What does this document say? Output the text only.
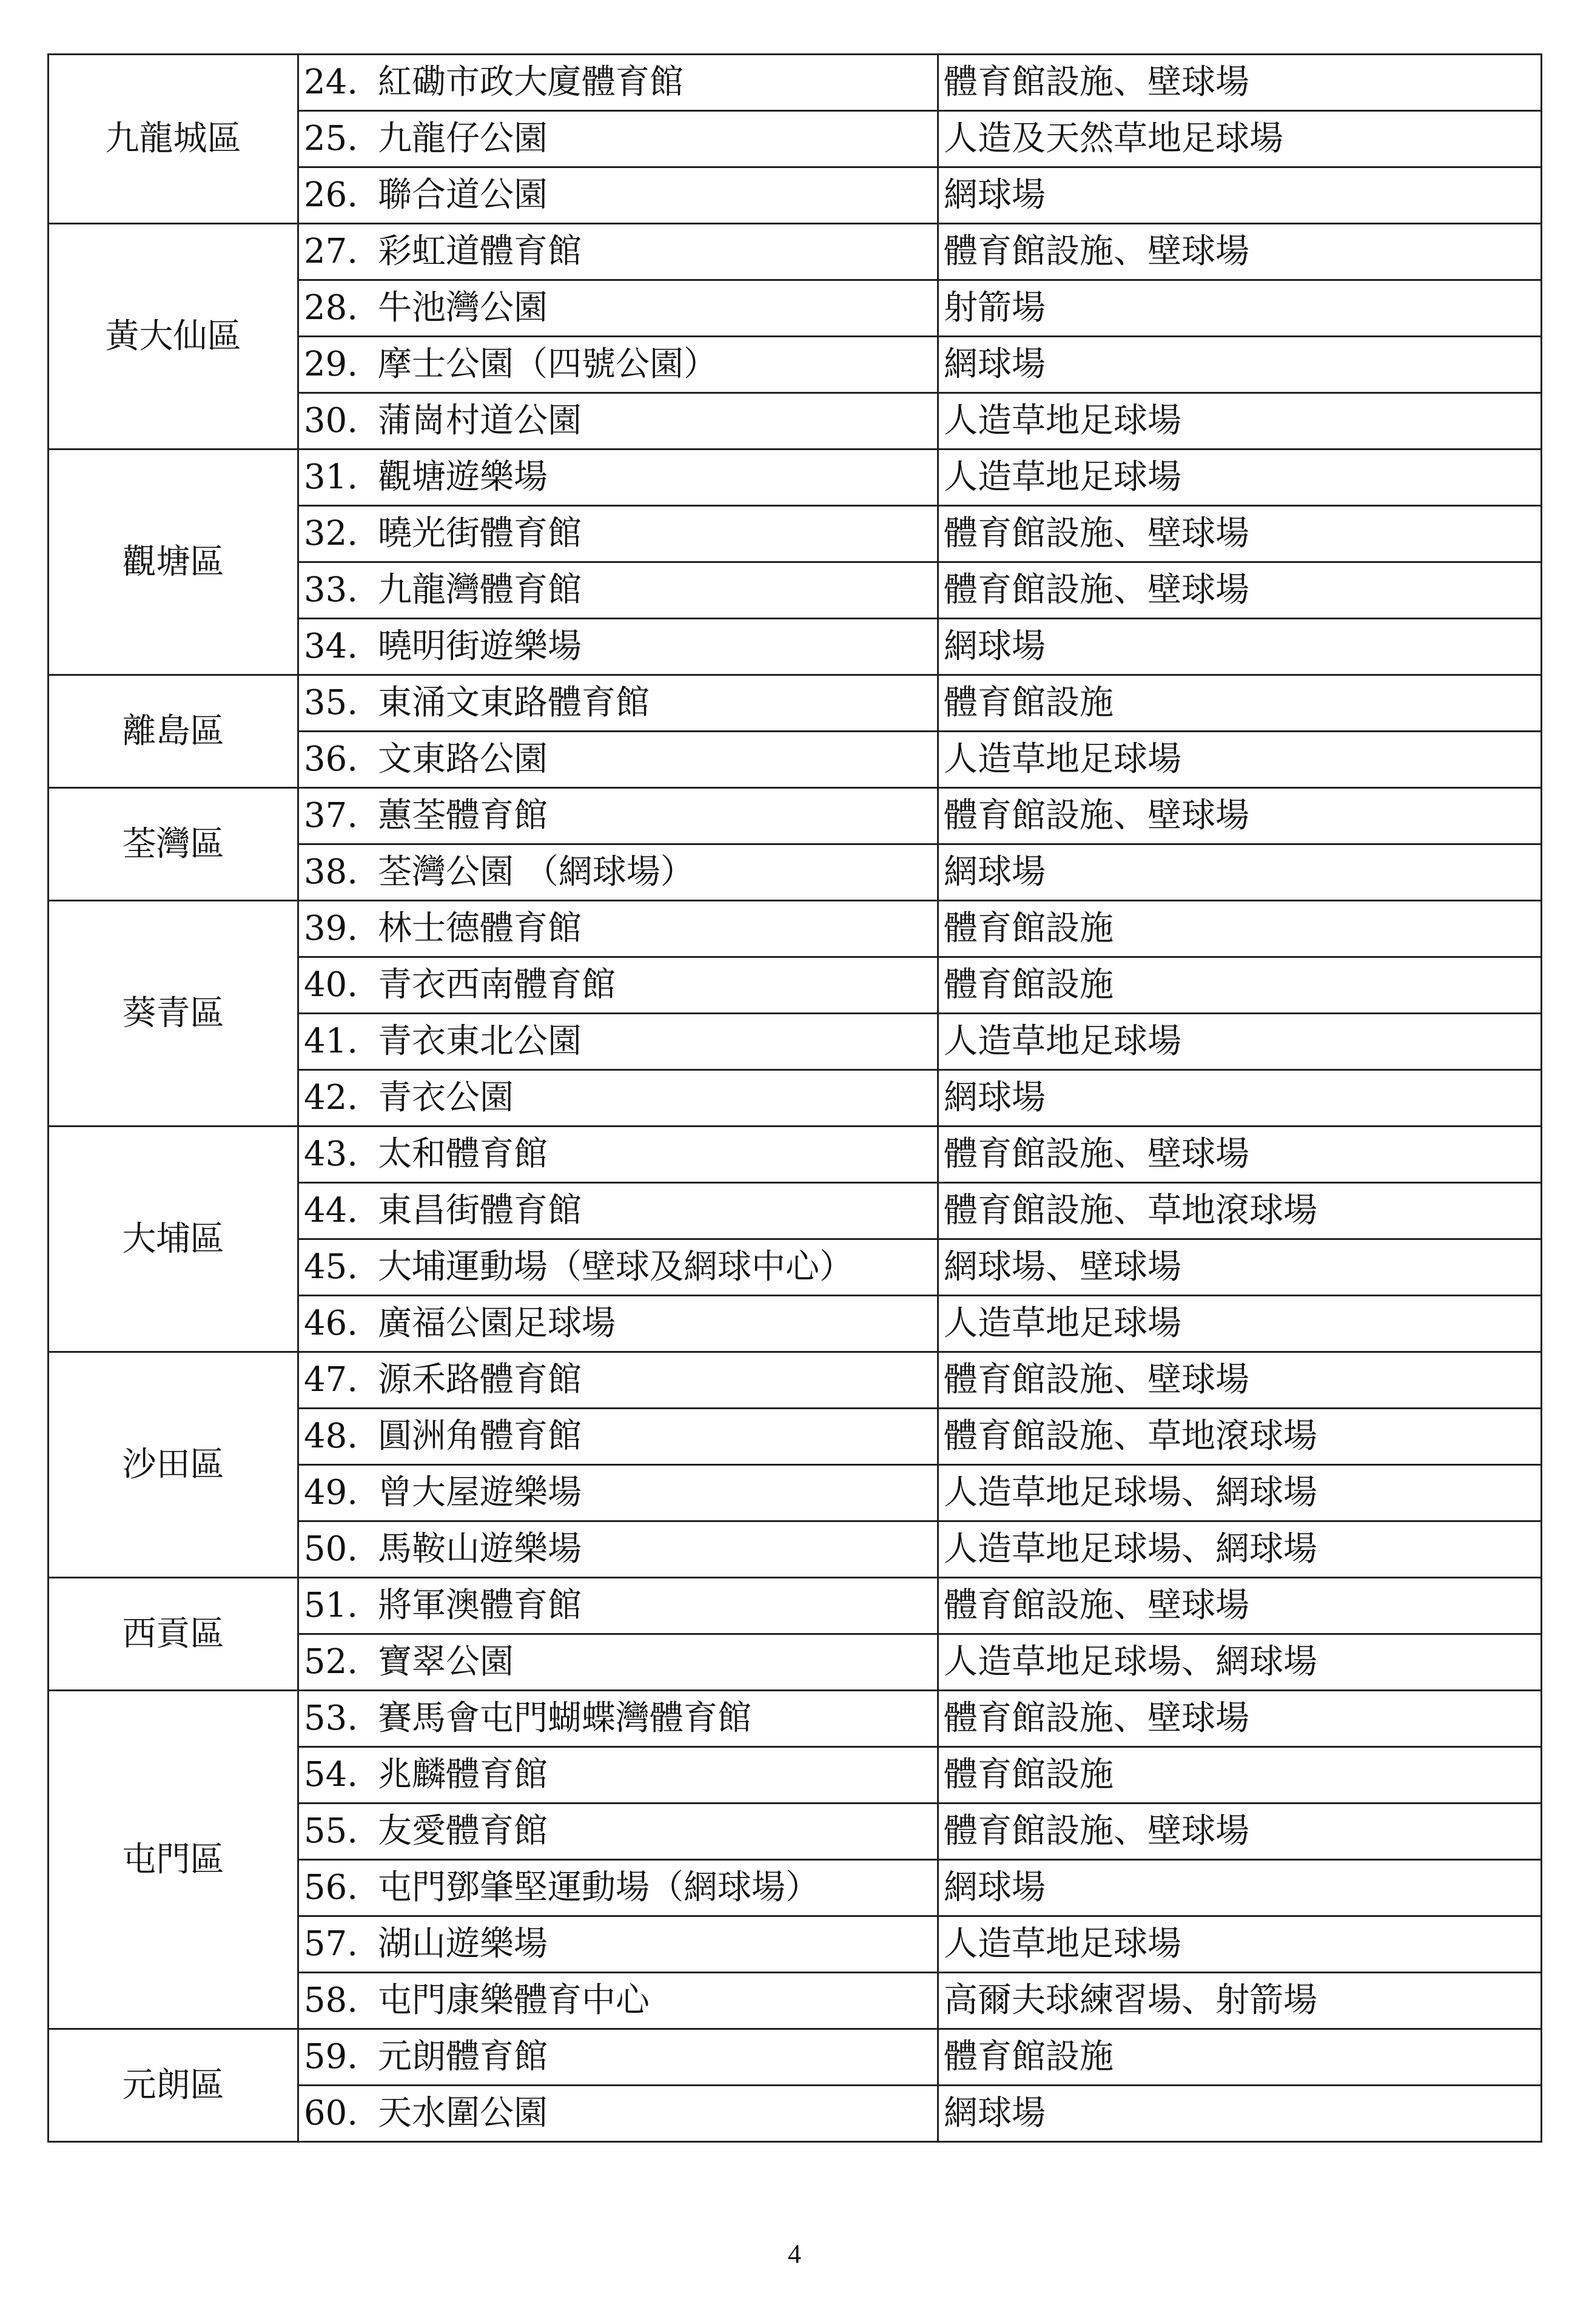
九龍城區	24. 紅磡市政大廈體育館	體育館設施、壁球場
	25. 九龍仔公園	人造及天然草地足球場
	26. 聯合道公園	網球場
黃大仙區	27. 彩虹道體育館	體育館設施、壁球場
	28. 牛池灣公園	射箭場
	29. 摩士公園（四號公園）	網球場
	30. 蒲崗村道公園	人造草地足球場
觀塘區	31. 觀塘遊樂場	人造草地足球場
	32. 曉光街體育館	體育館設施、壁球場
	33. 九龍灣體育館	體育館設施、壁球場
	34. 曉明街遊樂場	網球場
離島區	35. 東涌文東路體育館	體育館設施
	36. 文東路公園	人造草地足球場
荃灣區	37. 蕙荃體育館	體育館設施、壁球場
	38. 荃灣公園 （網球場）	網球場
葵青區	39. 林士德體育館	體育館設施
	40. 青衣西南體育館	體育館設施
	41. 青衣東北公園	人造草地足球場
	42. 青衣公園	網球場
大埔區	43. 太和體育館	體育館設施、壁球場
	44. 東昌街體育館	體育館設施、草地滾球場
	45. 大埔運動場（壁球及網球中心）	網球場、壁球場
	46. 廣福公園足球場	人造草地足球場
沙田區	47. 源禾路體育館	體育館設施、壁球場
	48. 圓洲角體育館	體育館設施、草地滾球場
	49. 曾大屋遊樂場	人造草地足球場、網球場
	50. 馬鞍山遊樂場	人造草地足球場、網球場
西貢區	51. 將軍澳體育館	體育館設施、壁球場
	52. 寶翠公園	人造草地足球場、網球場
屯門區	53. 賽馬會屯門蝴蝶灣體育館	體育館設施、壁球場
	54. 兆麟體育館	體育館設施
	55. 友愛體育館	體育館設施、壁球場
	56. 屯門鄧肇堅運動場（網球場）	網球場
	57. 湖山遊樂場	人造草地足球場
	58. 屯門康樂體育中心	高爾夫球練習場、射箭場
元朗區	59. 元朗體育館	體育館設施
	60. 天水圍公園	網球場
4
